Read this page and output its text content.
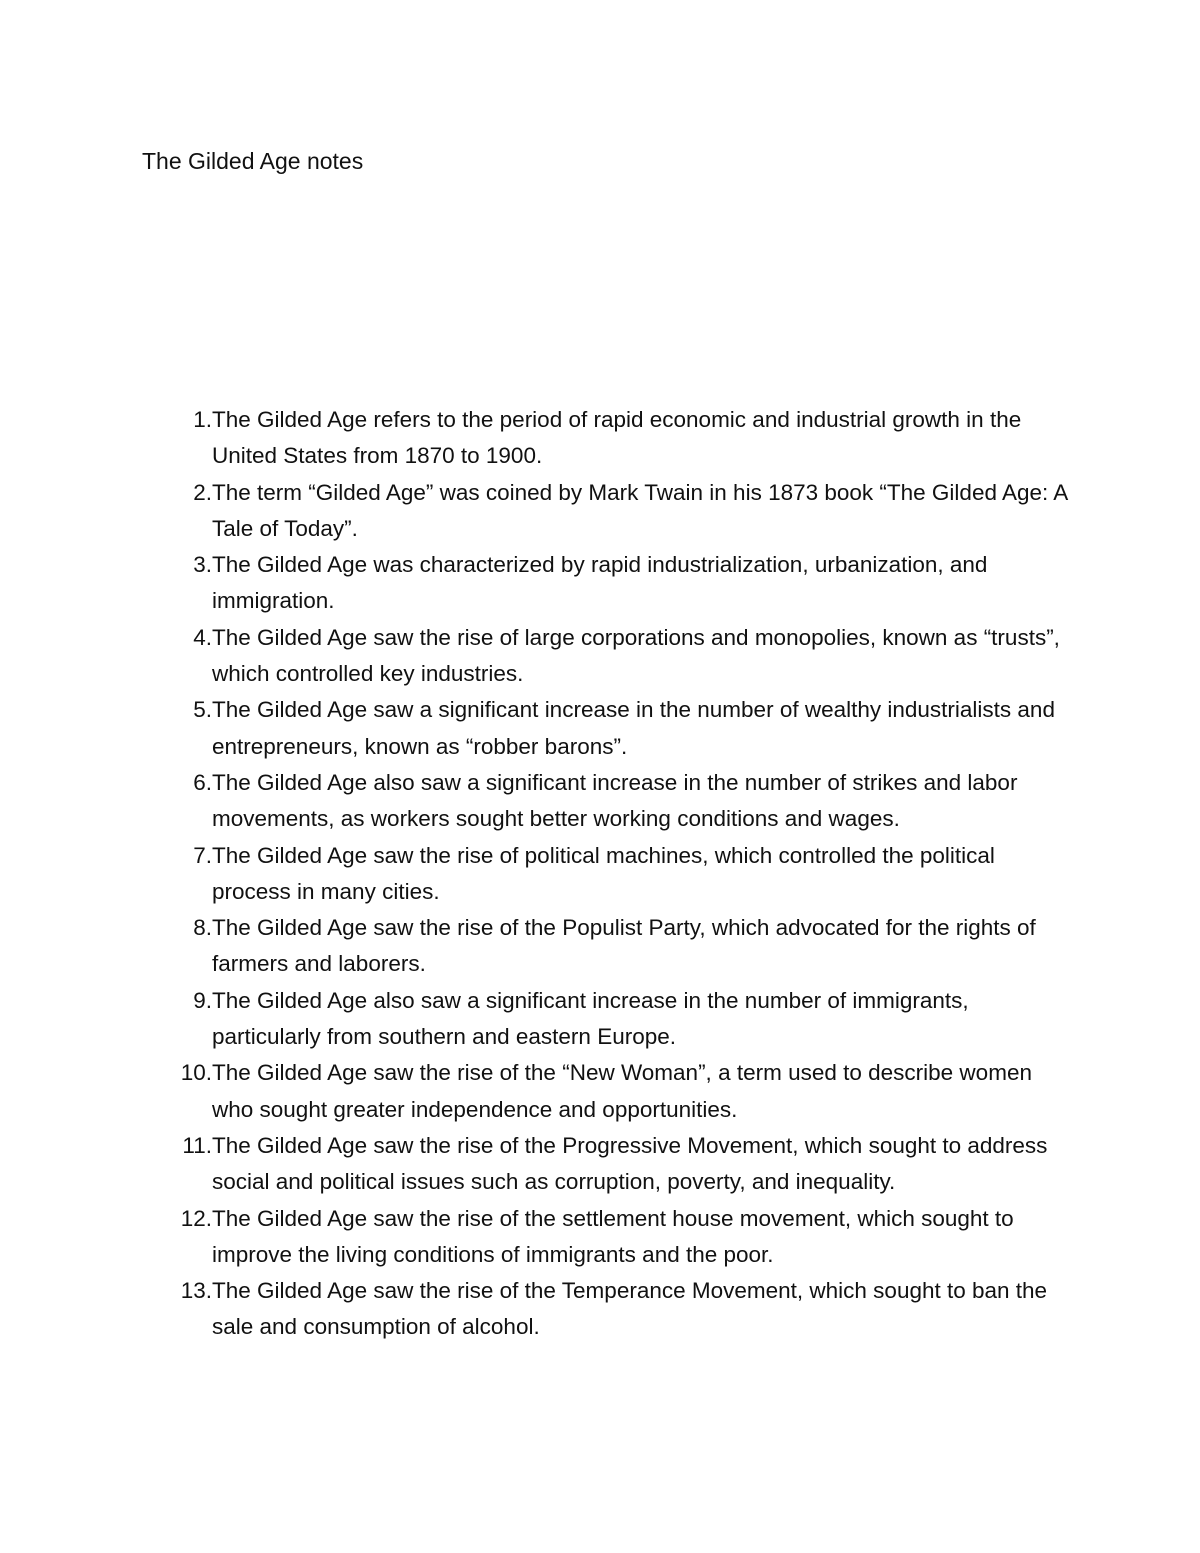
The Gilded Age notes
1. The Gilded Age refers to the period of rapid economic and industrial growth in the United States from 1870 to 1900.
2. The term “Gilded Age” was coined by Mark Twain in his 1873 book “The Gilded Age: A Tale of Today”.
3. The Gilded Age was characterized by rapid industrialization, urbanization, and immigration.
4. The Gilded Age saw the rise of large corporations and monopolies, known as “trusts”, which controlled key industries.
5. The Gilded Age saw a significant increase in the number of wealthy industrialists and entrepreneurs, known as “robber barons”.
6. The Gilded Age also saw a significant increase in the number of strikes and labor movements, as workers sought better working conditions and wages.
7. The Gilded Age saw the rise of political machines, which controlled the political process in many cities.
8. The Gilded Age saw the rise of the Populist Party, which advocated for the rights of farmers and laborers.
9. The Gilded Age also saw a significant increase in the number of immigrants, particularly from southern and eastern Europe.
10. The Gilded Age saw the rise of the “New Woman”, a term used to describe women who sought greater independence and opportunities.
11. The Gilded Age saw the rise of the Progressive Movement, which sought to address social and political issues such as corruption, poverty, and inequality.
12. The Gilded Age saw the rise of the settlement house movement, which sought to improve the living conditions of immigrants and the poor.
13. The Gilded Age saw the rise of the Temperance Movement, which sought to ban the sale and consumption of alcohol.
